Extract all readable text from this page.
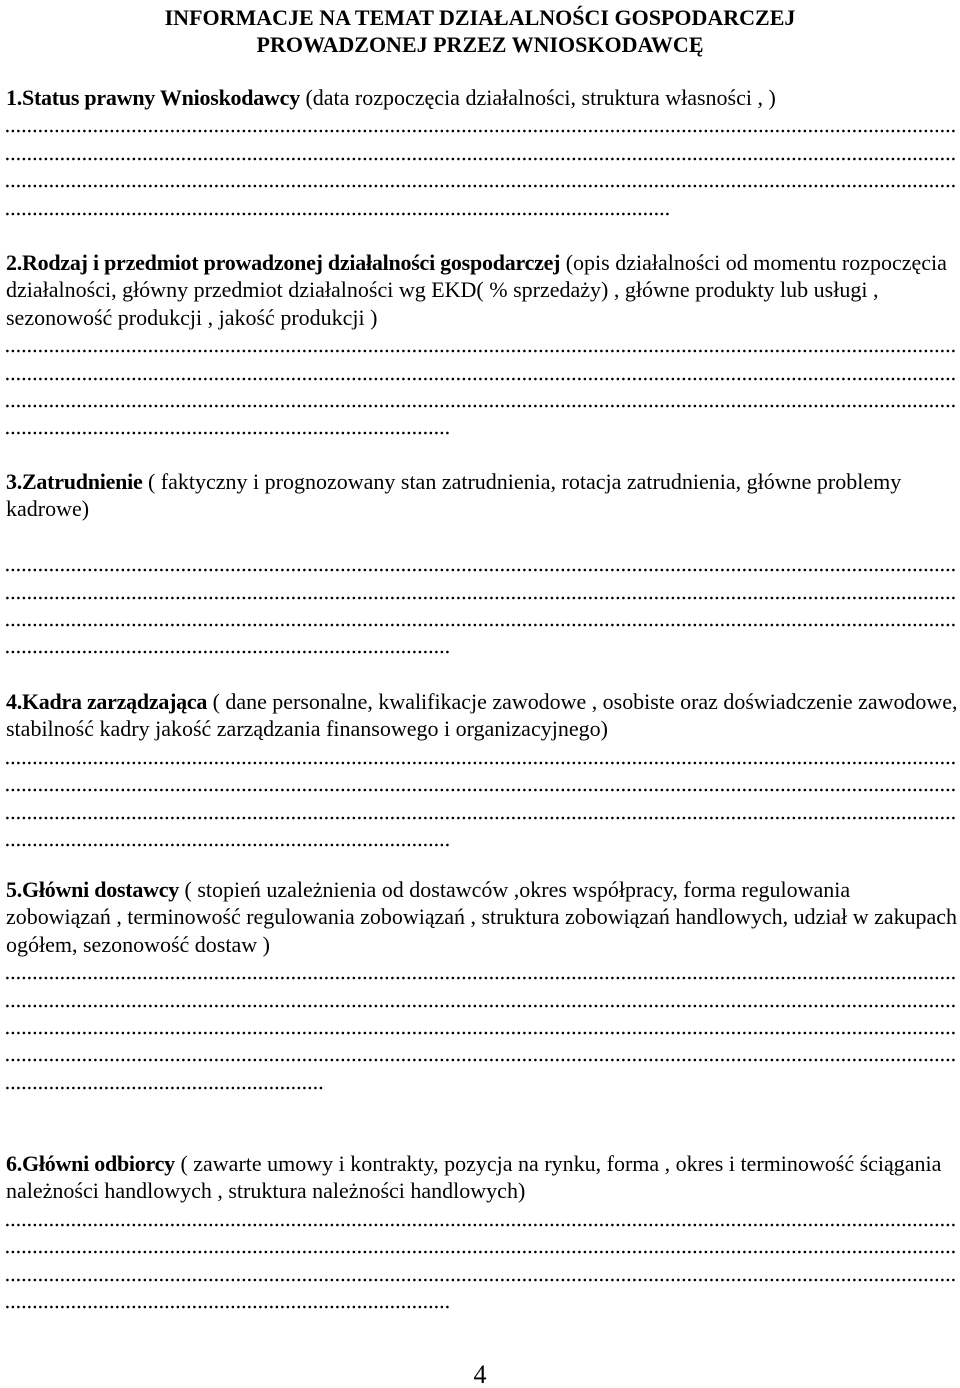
INFORMACJE NA TEMAT DZIAŁALNOŚCI GOSPODARCZEJ
PROWADZONEJ PRZEZ WNIOSKODAWCĘ
1.Status prawny Wnioskodawcy (data rozpoczęcia działalności, struktura własności , )
2.Rodzaj i przedmiot prowadzonej działalności gospodarczej (opis działalności od momentu rozpoczęcia
działalności, główny przedmiot działalności wg EKD( % sprzedaży) , główne produkty lub usługi ,
sezonowość produkcji , jakość produkcji )
3.Zatrudnienie ( faktyczny i prognozowany stan zatrudnienia, rotacja zatrudnienia, główne problemy
kadrowe)
4.Kadra zarządzająca ( dane personalne, kwalifikacje zawodowe , osobiste oraz doświadczenie zawodowe,
stabilność kadry jakość zarządzania finansowego i organizacyjnego)
5.Główni dostawcy ( stopień uzależnienia od dostawców ,okres współpracy, forma regulowania
zobowiązań , terminowość regulowania zobowiązań , struktura zobowiązań handlowych, udział w zakupach
ogółem, sezonowość dostaw )
6.Główni odbiorcy ( zawarte umowy i kontrakty, pozycja na rynku, forma , okres i terminowość ściągania
należności handlowych , struktura należności handlowych)
4
